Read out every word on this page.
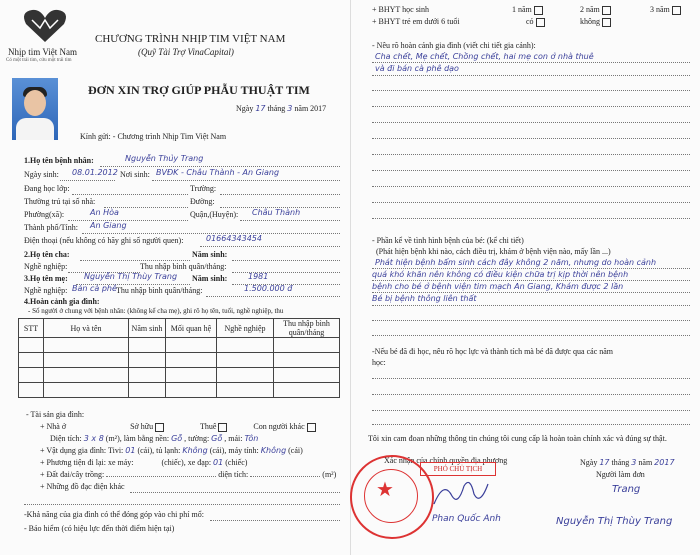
Nhịp tim Việt Nam
Có một trái tim, cứu một trái tim
CHƯƠNG TRÌNH NHỊP TIM VIỆT NAM
(Quỹ Tài Trợ VinaCapital)
ĐƠN XIN TRỢ GIÚP PHẪU THUẬT TIM
Ngày 17 tháng 3 năm 2017
Kính gửi: - Chương trình Nhịp Tim Việt Nam
1.Họ tên bệnh nhân:	Nguyễn Thủy Trang
Ngày sinh: 08.01.2012 Nơi sinh: BVĐK - Châu Thành - An Giang
Đang học lớp:	Trường:
Thường trú tại số nhà:	Đường:
Phường(xã):	An Hòa	Quận,(Huyện): Châu Thành
Thành phố/Tỉnh: An Giang
Điện thoại (nếu không có hãy ghi số người quen):	01664343454
2.Họ tên cha:	Năm sinh:
Nghề nghiệp:	Thu nhập bình quân/tháng:
3.Họ tên mẹ: Nguyễn Thị Thùy Trang Năm sinh:	1981
Nghề nghiệp: Bán cà phê Thu nhập bình quân/tháng:	1.500.000 đ
4.Hoàn cảnh gia đình:
- Số người ở chung với bệnh nhân: (không kể cha mẹ), ghi rõ họ tên, tuổi, nghề nghiệp, thu
STT	Họ và tên	Năm sinh	Mối quan hệ	Nghề nghiệp	Thu nhập bình quân/tháng

- Tài sản gia đình:
+ Nhà ở	Sở hữu	Thuê	Con người khác
Diện tích: 3 x 8 (m²), làm bằng nền: Gỗ , tường: Gỗ , mái: Tôn
+ Vật dụng gia đình: Tivi: 01 (cái), tủ lạnh: Không (cái), máy tính: Không (cái)
+ Phương tiện đi lại: xe máy:	(chiếc), xe đạp: 01 (chiếc)
+ Đất đai/cây trồng:	diện tích:	(m²)
+ Những đồ đạc điện khác
-Khả năng của gia đình có thể đóng góp vào chi phí mổ:
- Bảo hiểm (có hiệu lực đến thời điểm hiện tại)
+ BHYT học sinh	1 năm	2 năm	3 năm
+ BHYT trẻ em dưới 6 tuổi	có	không
- Nêu rõ hoàn cảnh gia đình (viết chi tiết gia cảnh):
Cha chết, Mẹ chết, Chồng chết, hai mẹ con ở nhà thuê
và đi bán cà phê dạo
- Phần kể về tình hình bệnh của bé: (kể chi tiết)
(Phát hiện bệnh khi nào, cách điều trị, khám ở bệnh viện nào, mấy lần ...)
Phát hiện bệnh bẩm sinh cách đây không 2 năm, nhưng do hoàn cảnh
quá khó khăn nên không có điều kiện chữa trị kịp thời nên bệnh
bệnh cho bé ở bệnh viện tim mạch An Giang, Khám được 2 lần
Bé bị bệnh thông liên thất
-Nếu bé đã đi học, nêu rõ học lực và thành tích mà bé đã được qua các năm
học:
Tôi xin cam đoan những thông tin chúng tôi cung cấp là hoàn toàn chính xác và đúng sự thật.
Ngày 17 tháng 3 năm 2017
Xác nhận của chính quyền địa phương
Người làm đơn
Trang
Nguyễn Thị Thùy Trang
★
PHÓ CHỦ TỊCH
Phan Quốc Anh
